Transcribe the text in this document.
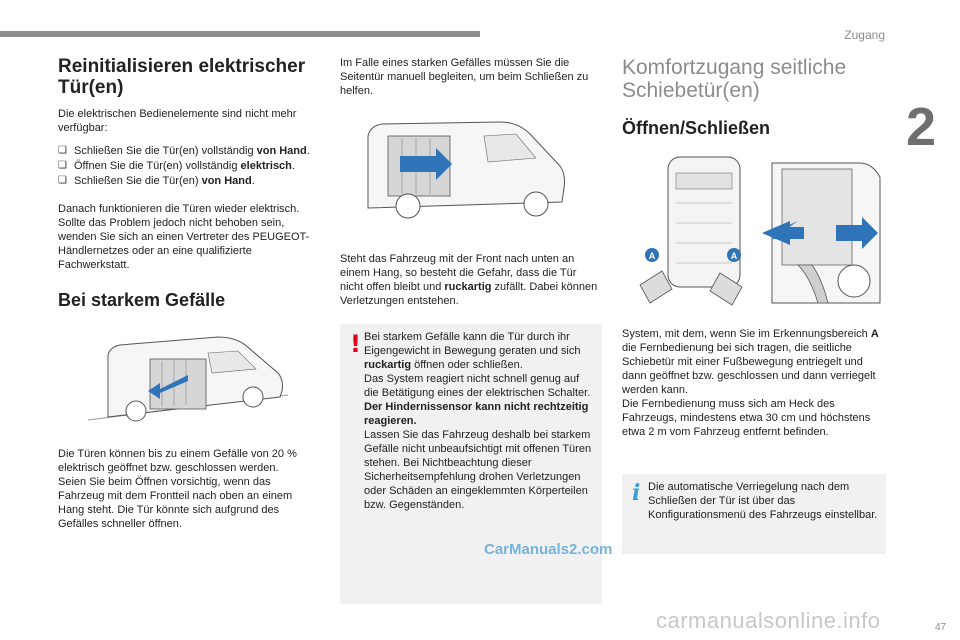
Zugang
2
Reinitialisieren elektrischer Tür(en)

Die elektrischen Bedienelemente sind nicht mehr verfügbar:

❏ Schließen Sie die Tür(en) vollständig von Hand.
❏ Öffnen Sie die Tür(en) vollständig elektrisch.
❏ Schließen Sie die Tür(en) von Hand.

Danach funktionieren die Türen wieder elektrisch.
Sollte das Problem jedoch nicht behoben sein, wenden Sie sich an einen Vertreter des PEUGEOT-Händlernetzes oder an eine qualifizierte Fachwerkstatt.

Bei starkem Gefälle

Die Türen können bis zu einem Gefälle von 20 % elektrisch geöffnet bzw. geschlossen werden.
Seien Sie beim Öffnen vorsichtig, wenn das Fahrzeug mit dem Frontteil nach oben an einem Hang steht. Die Tür könnte sich aufgrund des Gefälles schneller öffnen.

Im Falle eines starken Gefälles müssen Sie die Seitentür manuell begleiten, um beim Schließen zu helfen.

Steht das Fahrzeug mit der Front nach unten an einem Hang, so besteht die Gefahr, dass die Tür nicht offen bleibt und ruckartig zufällt. Dabei können Verletzungen entstehen.

! Bei starkem Gefälle kann die Tür durch ihr Eigengewicht in Bewegung geraten und sich ruckartig öffnen oder schließen.
Das System reagiert nicht schnell genug auf die Betätigung eines der elektrischen Schalter.
Der Hindernissensor kann nicht rechtzeitig reagieren.
Lassen Sie das Fahrzeug deshalb bei starkem Gefälle nicht unbeaufsichtigt mit offenen Türen stehen. Bei Nichtbeachtung dieser Sicherheitsempfehlung drohen Verletzungen oder Schäden an eingeklemmten Körperteilen bzw. Gegenständen.
Komfortzugang seitliche Schiebetür(en)
Öffnen/Schließen
A	A

System, mit dem, wenn Sie im Erkennungsbereich A die Fernbedienung bei sich tragen, die seitliche Schiebetür mit einer Fußbewegung entriegelt und dann geöffnet bzw. geschlossen und dann verriegelt werden kann.
Die Fernbedienung muss sich am Heck des Fahrzeugs, mindestens etwa 30 cm und höchstens etwa 2 m vom Fahrzeug entfernt befinden.

i Die automatische Verriegelung nach dem Schließen der Tür ist über das Konfigurationsmenü des Fahrzeugs einstellbar.
CarManuals2.com
carmanualsonline.info	47
